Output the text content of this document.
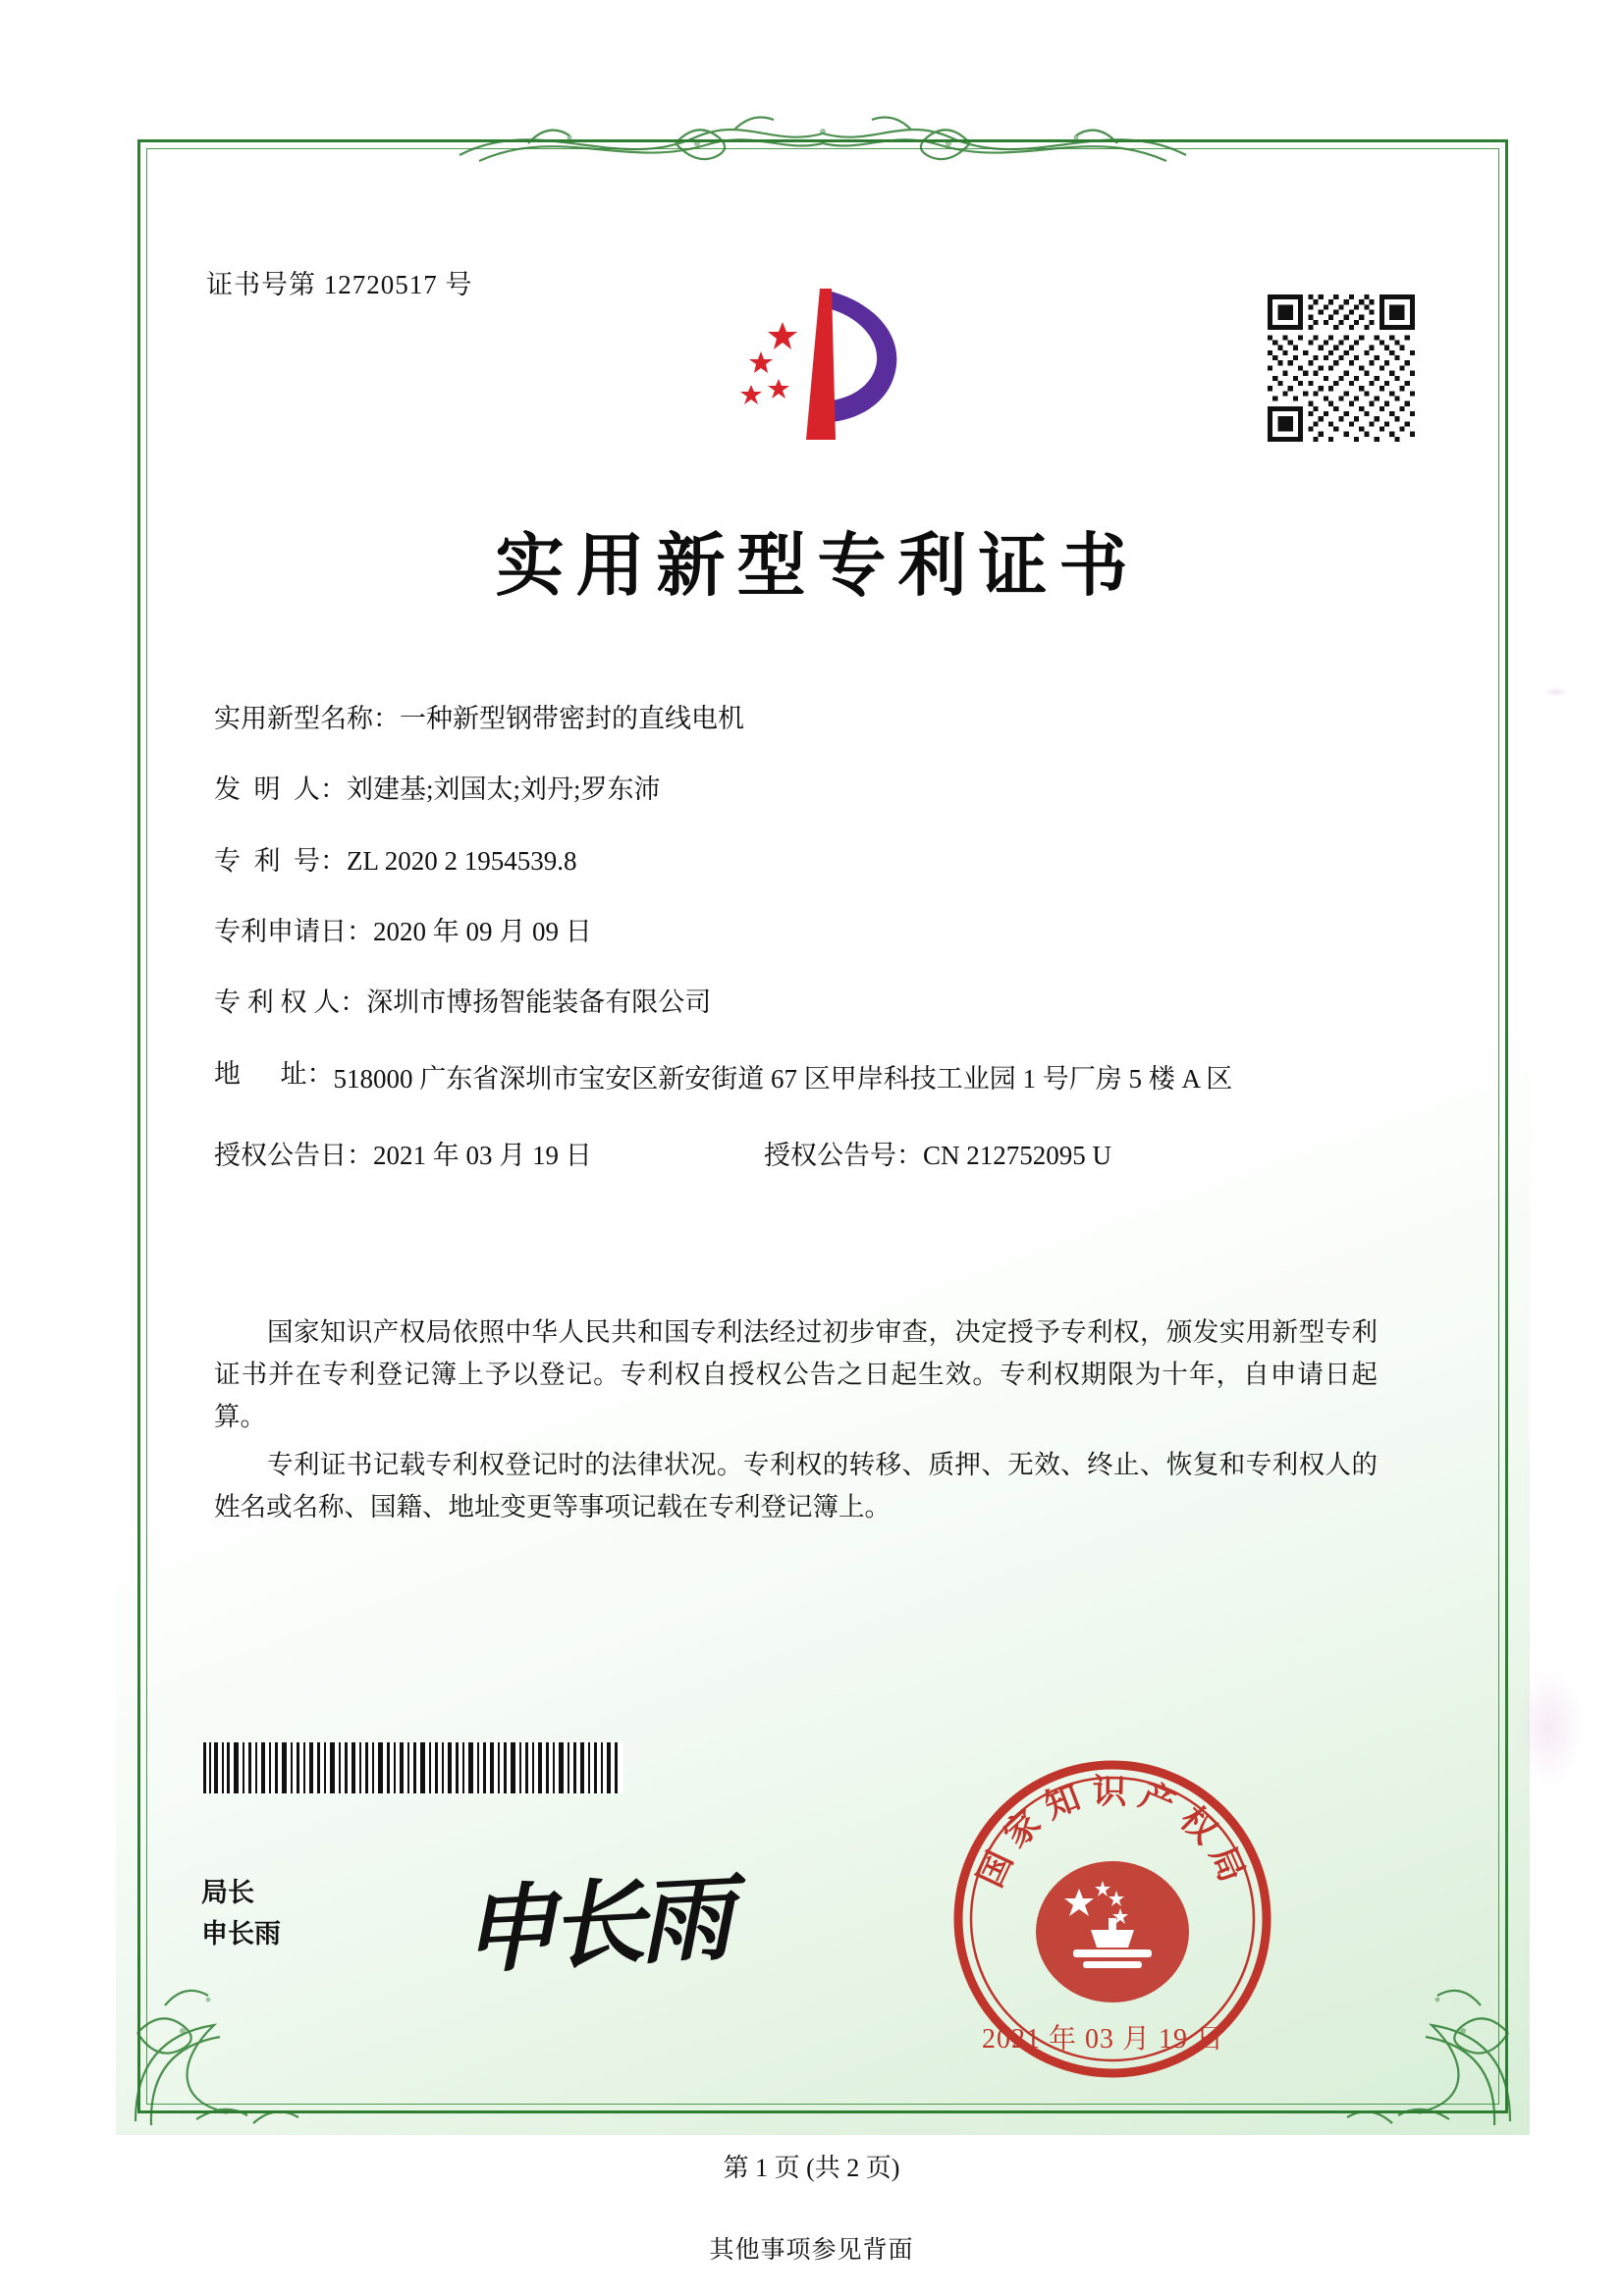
证书号第 12720517 号
实用新型专利证书
实用新型名称： 一种新型钢带密封的直线电机
发  明  人： 刘建基;刘国太;刘丹;罗东沛
专  利  号： ZL 2020 2 1954539.8
专利申请日： 2020 年 09 月 09 日
专 利 权 人： 深圳市博扬智能装备有限公司
地      址： 518000 广东省深圳市宝安区新安街道 67 区甲岸科技工业园 1 号厂房 5 楼 A 区
授权公告日：2021 年 03 月 19 日	授权公告号：CN 212752095 U

国家知识产权局依照中华人民共和国专利法经过初步审查，决定授予专利权，颁发实用新型专利证书并在专利登记簿上予以登记。专利权自授权公告之日起生效。专利权期限为十年，自申请日起算。

专利证书记载专利权登记时的法律状况。专利权的转移、质押、无效、终止、恢复和专利权人的姓名或名称、国籍、地址变更等事项记载在专利登记簿上。

局长
申长雨 申长雨	国家知识产权局
2021 年 03 月 19 日
第 1 页 (共 2 页)
其他事项参见背面
